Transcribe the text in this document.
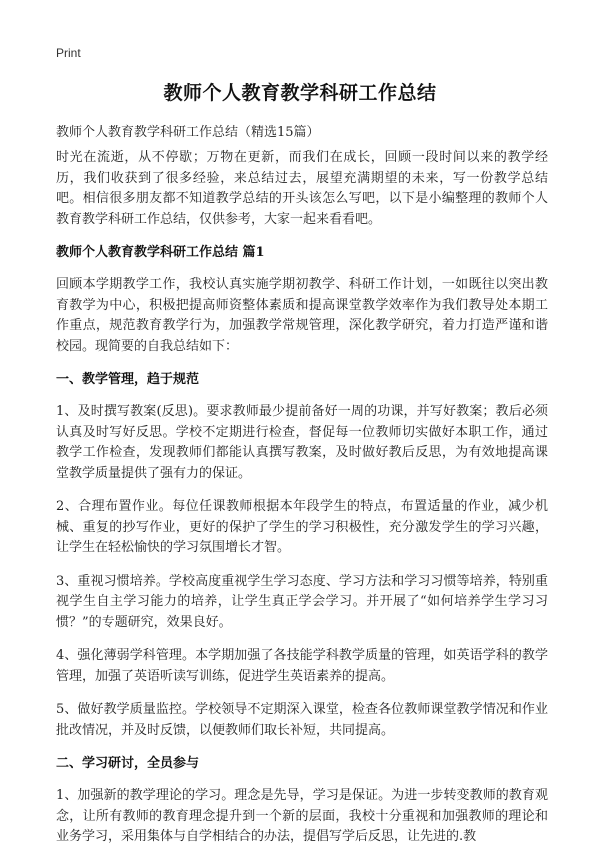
Print
教师个人教育教学科研工作总结
教师个人教育教学科研工作总结（精选15篇）

时光在流逝，从不停歇；万物在更新，而我们在成长，回顾一段时间以来的教学经历，我们收获到了很多经验，来总结过去，展望充满期望的未来，写一份教学总结吧。相信很多朋友都不知道教学总结的开头该怎么写吧，以下是小编整理的教师个人教育教学科研工作总结，仅供参考，大家一起来看看吧。

教师个人教育教学科研工作总结 篇1

回顾本学期教学工作，我校认真实施学期初教学、科研工作计划，一如既往以突出教育教学为中心，积极把提高师资整体素质和提高课堂教学效率作为我们教导处本期工作重点，规范教育教学行为，加强教学常规管理，深化教学研究，着力打造严谨和谐校园。现简要的自我总结如下：

一、教学管理，趋于规范

1、及时撰写教案(反思)。要求教师最少提前备好一周的功课，并写好教案；教后必须认真及时写好反思。学校不定期进行检查，督促每一位教师切实做好本职工作，通过教学工作检查，发现教师们都能认真撰写教案，及时做好教后反思，为有效地提高课堂教学质量提供了强有力的保证。

2、合理布置作业。每位任课教师根据本年段学生的特点，布置适量的作业，减少机械、重复的抄写作业，更好的保护了学生的学习积极性，充分激发学生的学习兴趣，让学生在轻松愉快的学习氛围增长才智。

3、重视习惯培养。学校高度重视学生学习态度、学习方法和学习习惯等培养，特别重视学生自主学习能力的培养，让学生真正学会学习。并开展了“如何培养学生学习习惯？”的专题研究，效果良好。

4、强化薄弱学科管理。本学期加强了各技能学科教学质量的管理，如英语学科的教学管理，加强了英语听读写训练，促进学生英语素养的提高。

5、做好教学质量监控。学校领导不定期深入课堂，检查各位教师课堂教学情况和作业批改情况，并及时反馈，以便教师们取长补短，共同提高。

二、学习研讨，全员参与

1、加强新的教学理论的学习。理念是先导，学习是保证。为进一步转变教师的教育观念，让所有教师的教育理念提升到一个新的层面，我校十分重视和加强教师的理论和业务学习，采用集体与自学相结合的办法，提倡写学后反思，让先进的.教
